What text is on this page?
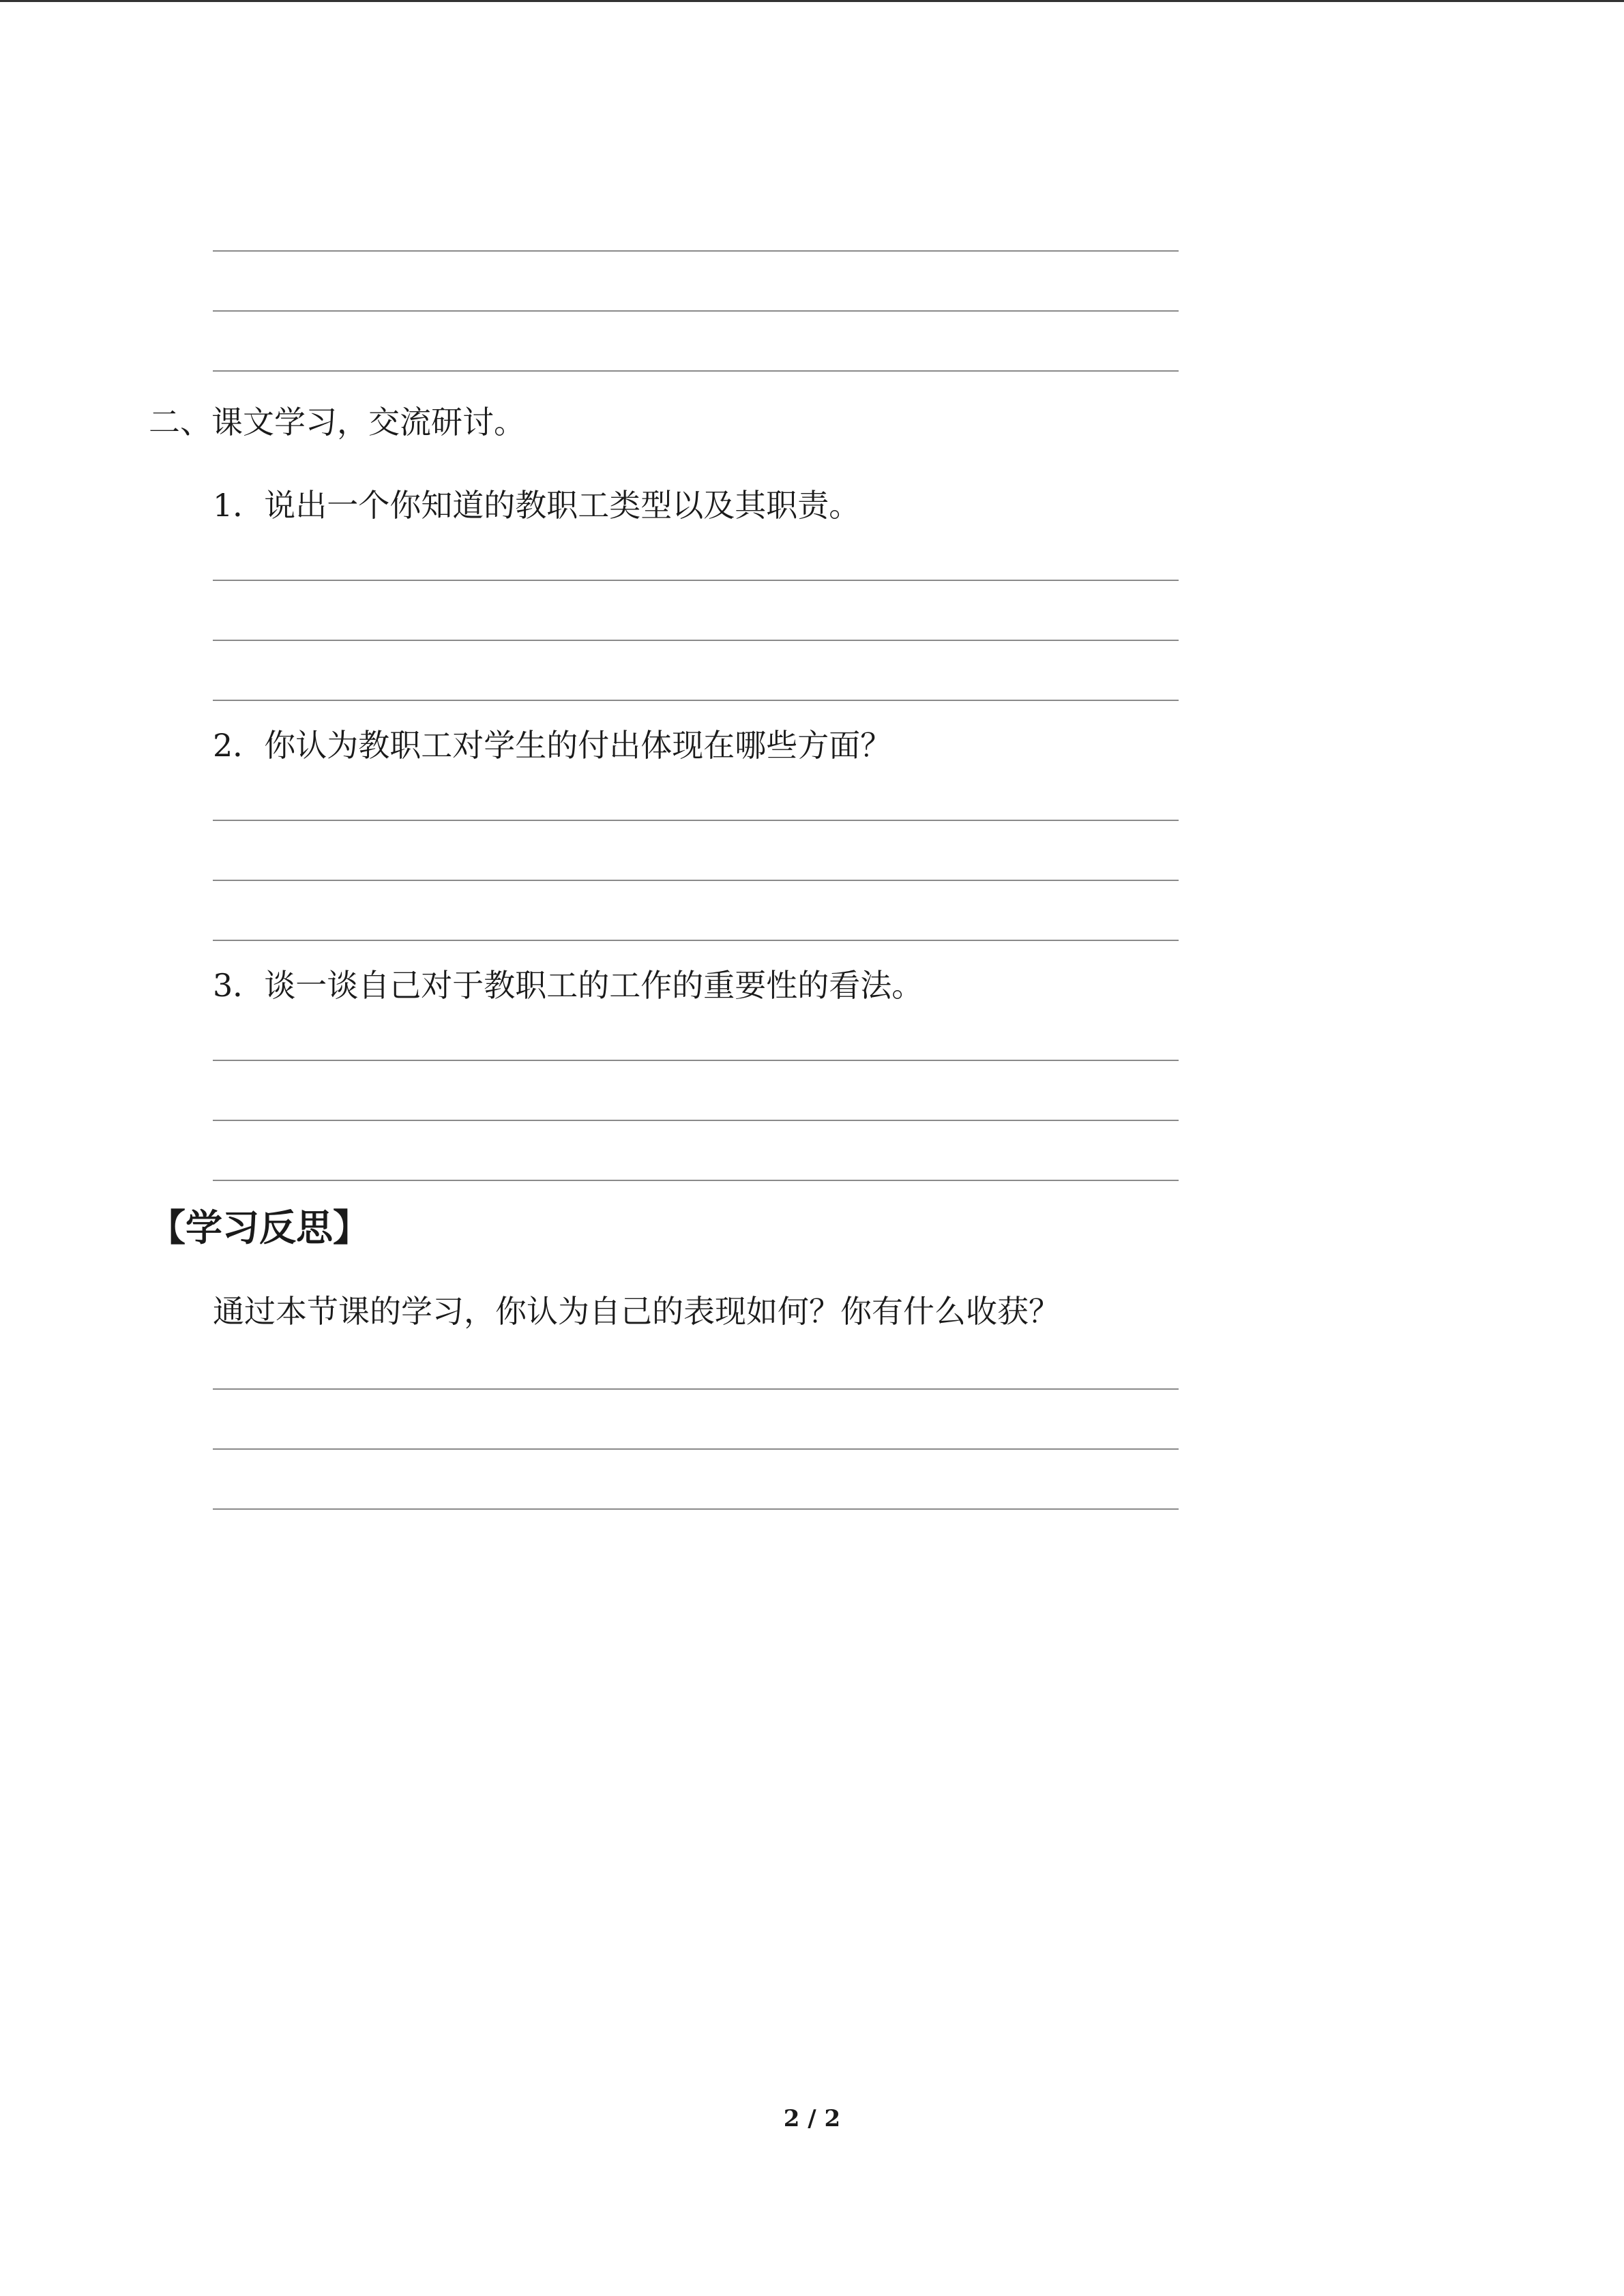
二、课文学习，交流研讨。
1．说出一个你知道的教职工类型以及其职责。
2．你认为教职工对学生的付出体现在哪些方面？
3．谈一谈自己对于教职工的工作的重要性的看法。
【学习反思】
通过本节课的学习，你认为自己的表现如何？你有什么收获？
2 / 2
